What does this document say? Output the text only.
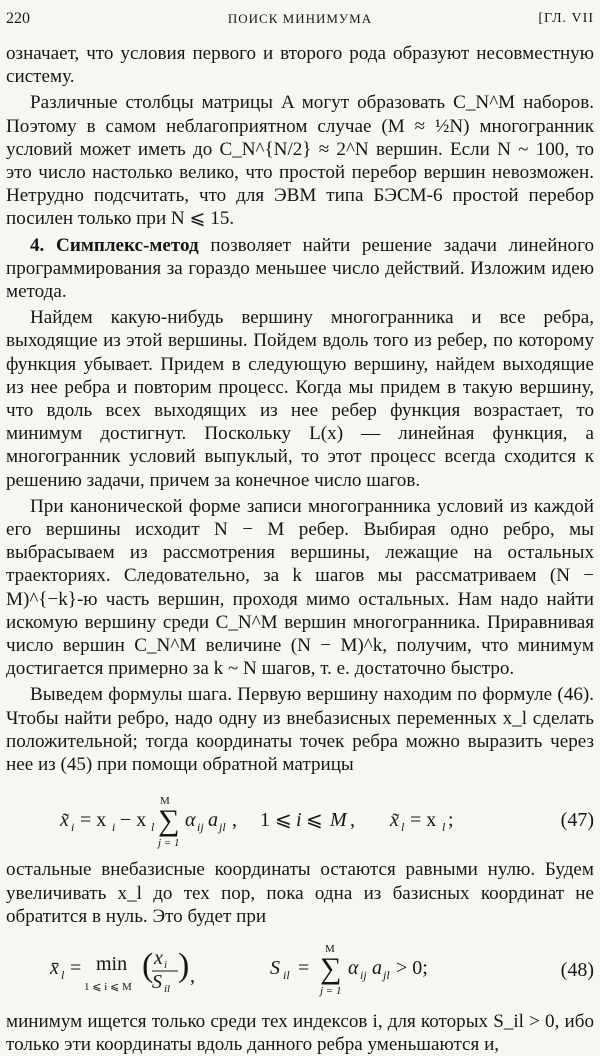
220	ПОИСК МИНИМУМА	[ГЛ. VII

означает, что условия первого и второго рода образуют несовместную систему.

Различные столбцы матрицы A могут образовать C_N^M наборов. Поэтому в самом неблагоприятном случае (M ≈ ½N) многогранник условий может иметь до C_N^{N/2} ≈ 2^N вершин. Если N ~ 100, то это число настолько велико, что простой перебор вершин невозможен. Нетрудно подсчитать, что для ЭВМ типа БЭСМ-6 простой перебор посилен только при N ⩽ 15.

4. Симплекс-метод позволяет найти решение задачи линейного программирования за гораздо меньшее число действий. Изложим идею метода.

Найдем какую-нибудь вершину многогранника и все ребра, выходящие из этой вершины. Пойдем вдоль того из ребер, по которому функция убывает. Придем в следующую вершину, найдем выходящие из нее ребра и повторим процесс. Когда мы придем в такую вершину, что вдоль всех выходящих из нее ребер функция возрастает, то минимум достигнут. Поскольку L(x) — линейная функция, а многогранник условий выпуклый, то этот процесс всегда сходится к решению задачи, причем за конечное число шагов.

При канонической форме записи многогранника условий из каждой его вершины исходит N − M ребер. Выбирая одно ребро, мы выбрасываем из рассмотрения вершины, лежащие на остальных траекториях. Следовательно, за k шагов мы рассматриваем (N − M)^{−k}-ю часть вершин, проходя мимо остальных. Нам надо найти искомую вершину среди C_N^M вершин многогранника. Приравнивая число вершин C_N^M величине (N − M)^k, получим, что минимум достигается примерно за k ~ N шагов, т. е. достаточно быстро.

Выведем формулы шага. Первую вершину находим по формуле (46). Чтобы найти ребро, надо одну из внебазисных переменных x_l сделать положительной; тогда координаты точек ребра можно выразить через нее из (45) при помощи обратной матрицы

x̃ i = x i − x l
M
∑
j = 1
α ij a jl , 1 ⩽ i ⩽ M , x̃ l = x l ;	(47)

остальные внебазисные координаты остаются равными нулю. Будем увеличивать x_l до тех пор, пока одна из базисных координат не обратится в нуль. Это будет при

x̄ l = min
1 ⩽ i ⩽ M
( x i
S il
) ,	S il =
M
∑
j = 1
α ij a jl > 0;	(48)

минимум ищется только среди тех индексов i, для которых S_il > 0, ибо только эти координаты вдоль данного ребра уменьшаются и,
